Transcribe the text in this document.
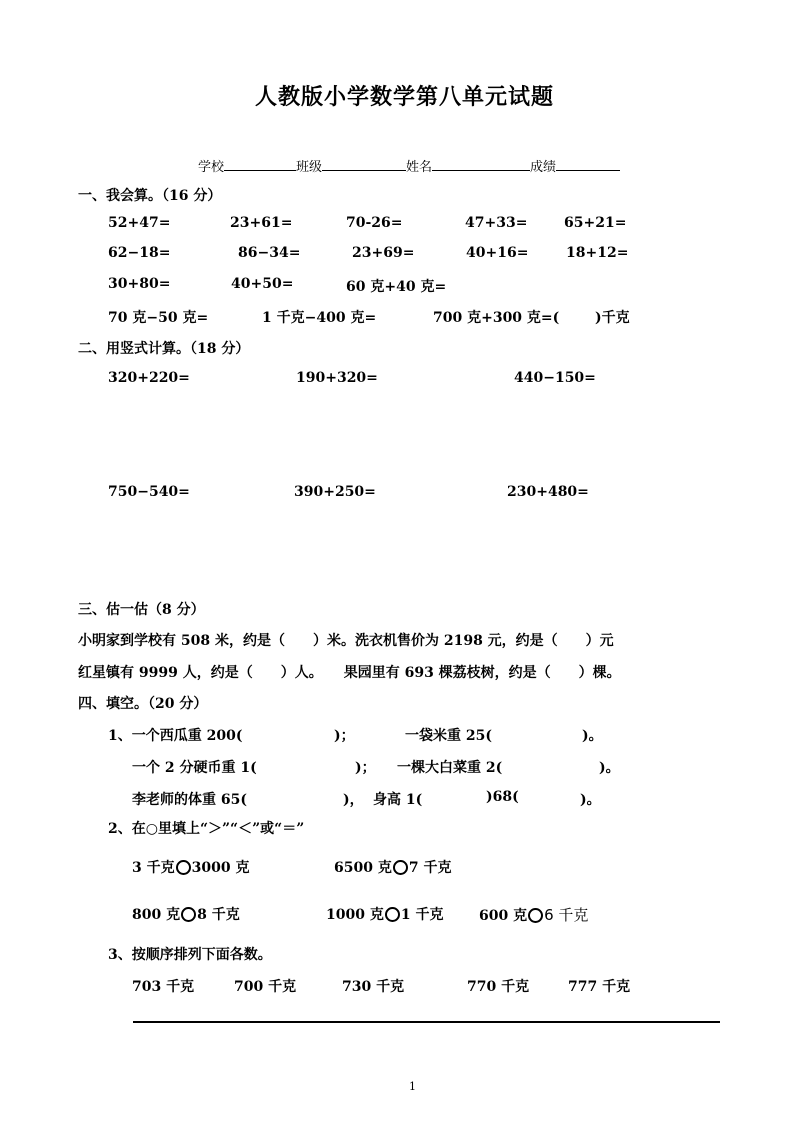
人教版小学数学第八单元试题
学校	班级	姓名	成绩
一、我会算。（16 分）
52+47=	23+61=	70-26=	47+33=	65+21=
62−18=	86−34=	23+69=	40+16=	18+12=
30+80=	40+50=	60 克+40 克=
70 克−50 克=	1 千克−400 克=	700 克+300 克=(	)千克
二、用竖式计算。（18 分）
320+220=	190+320=	440−150=
750−540=	390+250=	230+480=
三、估一估（8 分）
小明家到学校有 508 米，约是（　　）米。洗衣机售价为 2198 元，约是（　　）元
红星镇有 9999 人，约是（　　）人。　　果园里有 693 棵荔枝树，约是（　　）棵。
四、填空。（20 分）
1、一个西瓜重 200(	)；	一袋米重 25(	)。
一个 2 分硬币重 1(	)； 一棵大白菜重 2(	)。
李老师的体重 65(	)， 身高 1(	)68(	)。
2、在○里填上“＞”“＜”或“＝”
3 千克 3000 克	6500 克 7 千克
800 克 8 千克	1000 克 1 千克	600 克 6 千克
3、按顺序排列下面各数。
703 千克	700 千克	730 千克	770 千克	777 千克
1
